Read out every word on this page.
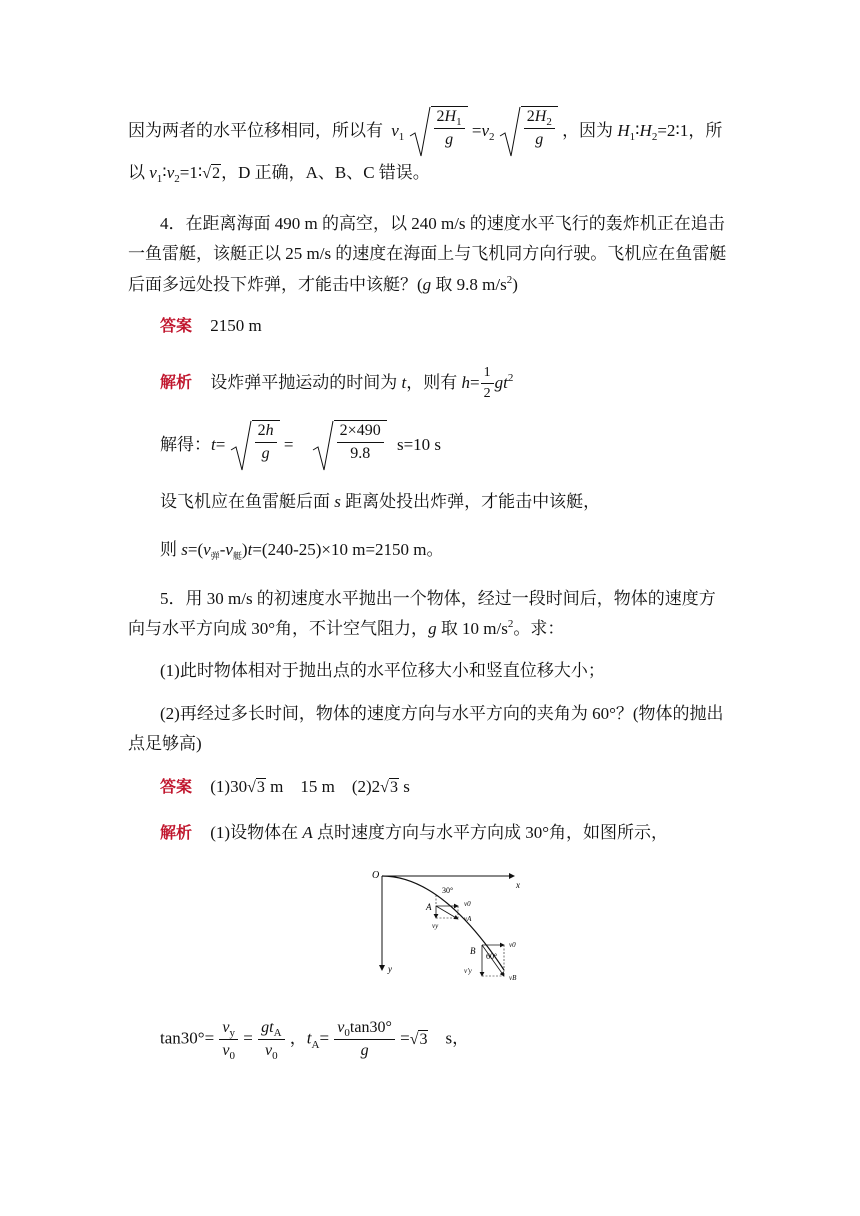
因为两者的水平位移相同，所以有 $v_1 \frac{2H_1}{g} =v_2 \frac{2H_2}{g}$ ，因为 $H_1∶H_2=2∶1$，所
以 $v_1∶v_2=1∶√2$，D 正确，A、B、C 错误。
4．在距离海面 490 m 的高空，以 240 m/s 的速度水平飞行的轰炸机正在追击
一鱼雷艇，该艇正以 25 m/s 的速度在海面上与飞机同方向行驶。飞机应在鱼雷艇
后面多远处投下炸弹，才能击中该艇？(g 取 9.8 $m/s^2$)
答案 2150 m
解析 设炸弹平抛运动的时间为 t，则有 $h= \frac{1}{2} gt^2$
解得：$t= \frac{2h}{g}$ =	$\frac{2\times 490}{9.8} s=10$ s
设飞机应在鱼雷艇后面 s 距离处投出炸弹，才能击中该艇，
则 $s=(v_弹-v_艇)t=(240-25)\times 10$ m=2150 m。
5．用 30 m/s 的初速度水平抛出一个物体，经过一段时间后，物体的速度方
向与水平方向成 30°角，不计空气阻力，g 取 10 $m/s^2$。求：
(1)此时物体相对于抛出点的水平位移大小和竖直位移大小；
(2)再经过多长时间，物体的速度方向与水平方向的夹角为 60°？(物体的抛出
点足够高)
答案 (1)30√3 m　15 m　(2)2√3 s
解析 (1)设物体在 A 点时速度方向与水平方向成 30°角，如图所示，
O
x
y
A
30°
v0
vA
vy
B
60°
v0
vB
v′y
$\tan 30^\circ= \frac{v_y}{v_0} = \frac{gt_A}{v_0}$ ，$t_A= \frac{v_0\tan 30^\circ}{g} =√3$　s，
